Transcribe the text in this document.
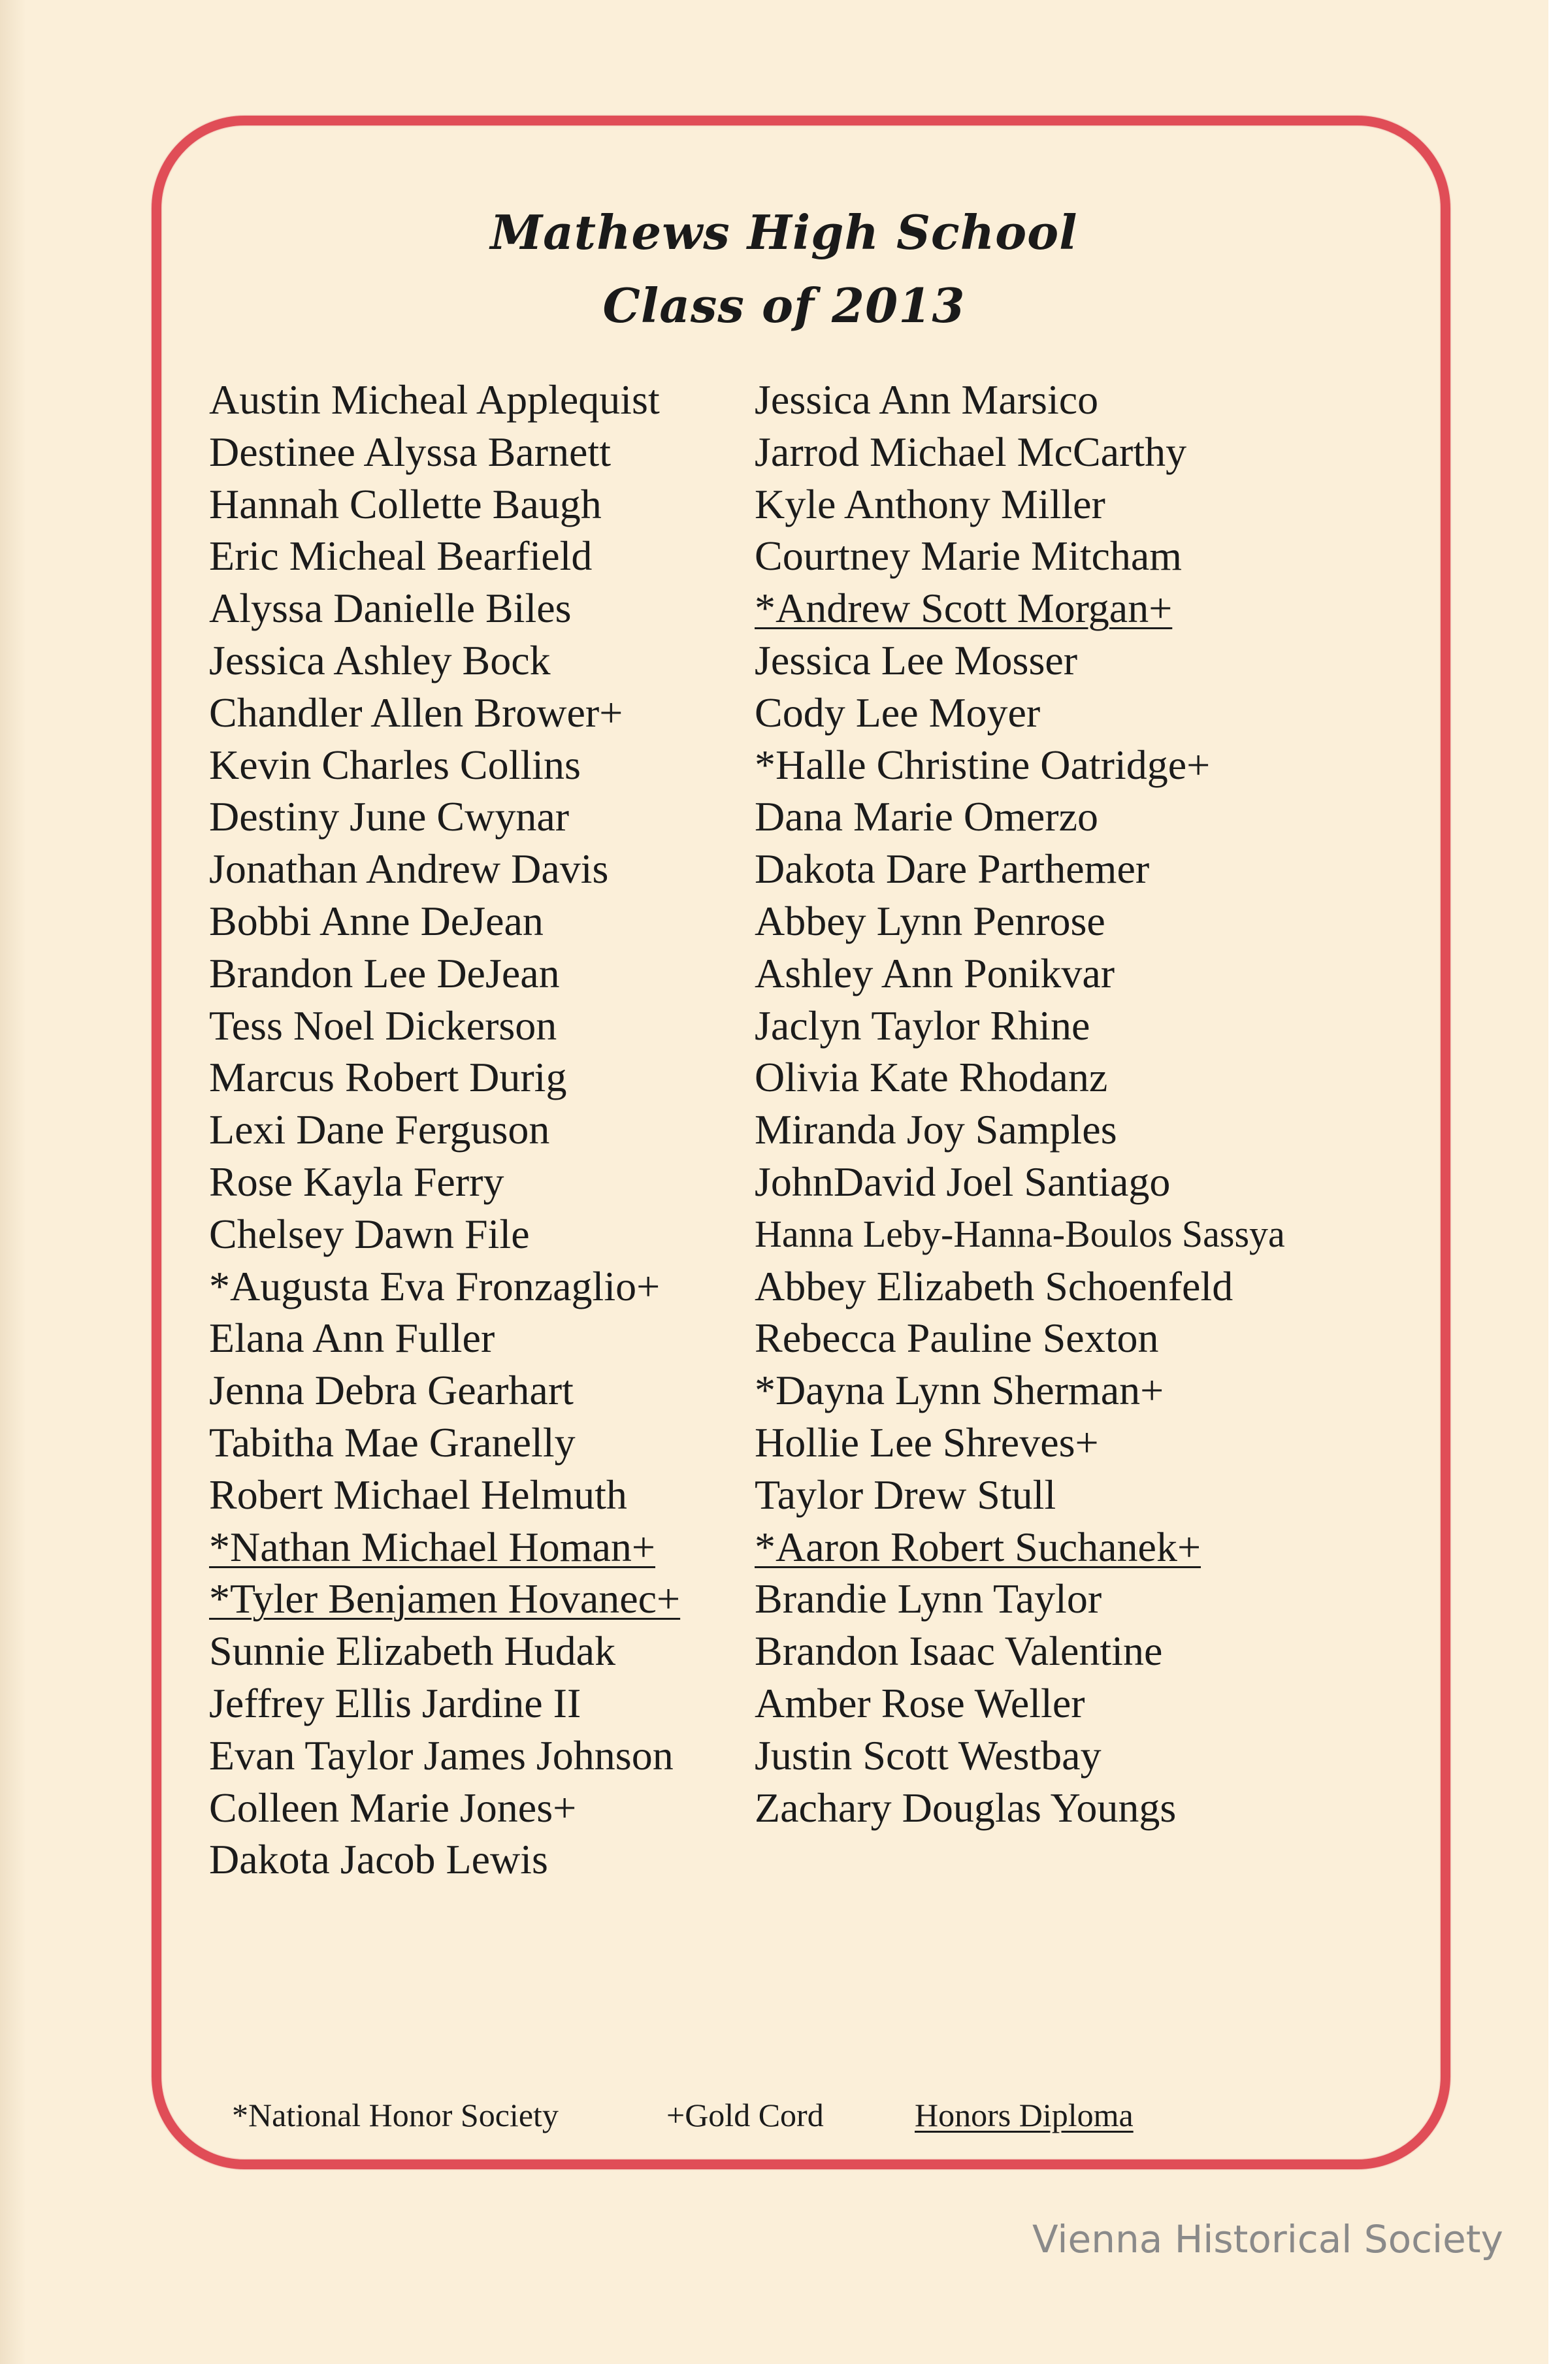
Mathews High School
Class of 2013
Austin Micheal Applequist
Destinee Alyssa Barnett
Hannah Collette Baugh
Eric Micheal Bearfield
Alyssa Danielle Biles
Jessica Ashley Bock
Chandler Allen Brower+
Kevin Charles Collins
Destiny June Cwynar
Jonathan Andrew Davis
Bobbi Anne DeJean
Brandon Lee DeJean
Tess Noel Dickerson
Marcus Robert Durig
Lexi Dane Ferguson
Rose Kayla Ferry
Chelsey Dawn File
*Augusta Eva Fronzaglio+
Elana Ann Fuller
Jenna Debra Gearhart
Tabitha Mae Granelly
Robert Michael Helmuth
*Nathan Michael Homan+
*Tyler Benjamen Hovanec+
Sunnie Elizabeth Hudak
Jeffrey Ellis Jardine II
Evan Taylor James Johnson
Colleen Marie Jones+
Dakota Jacob Lewis
Jessica Ann Marsico
Jarrod Michael McCarthy
Kyle Anthony Miller
Courtney Marie Mitcham
*Andrew Scott Morgan+
Jessica Lee Mosser
Cody Lee Moyer
*Halle Christine Oatridge+
Dana Marie Omerzo
Dakota Dare Parthemer
Abbey Lynn Penrose
Ashley Ann Ponikvar
Jaclyn Taylor Rhine
Olivia Kate Rhodanz
Miranda Joy Samples
JohnDavid Joel Santiago
Hanna Leby-Hanna-Boulos Sassya
Abbey Elizabeth Schoenfeld
Rebecca Pauline Sexton
*Dayna Lynn Sherman+
Hollie Lee Shreves+
Taylor Drew Stull
*Aaron Robert Suchanek+
Brandie Lynn Taylor
Brandon Isaac Valentine
Amber Rose Weller
Justin Scott Westbay
Zachary Douglas Youngs
*National Honor Society	+Gold Cord	Honors Diploma
Vienna Historical Society
